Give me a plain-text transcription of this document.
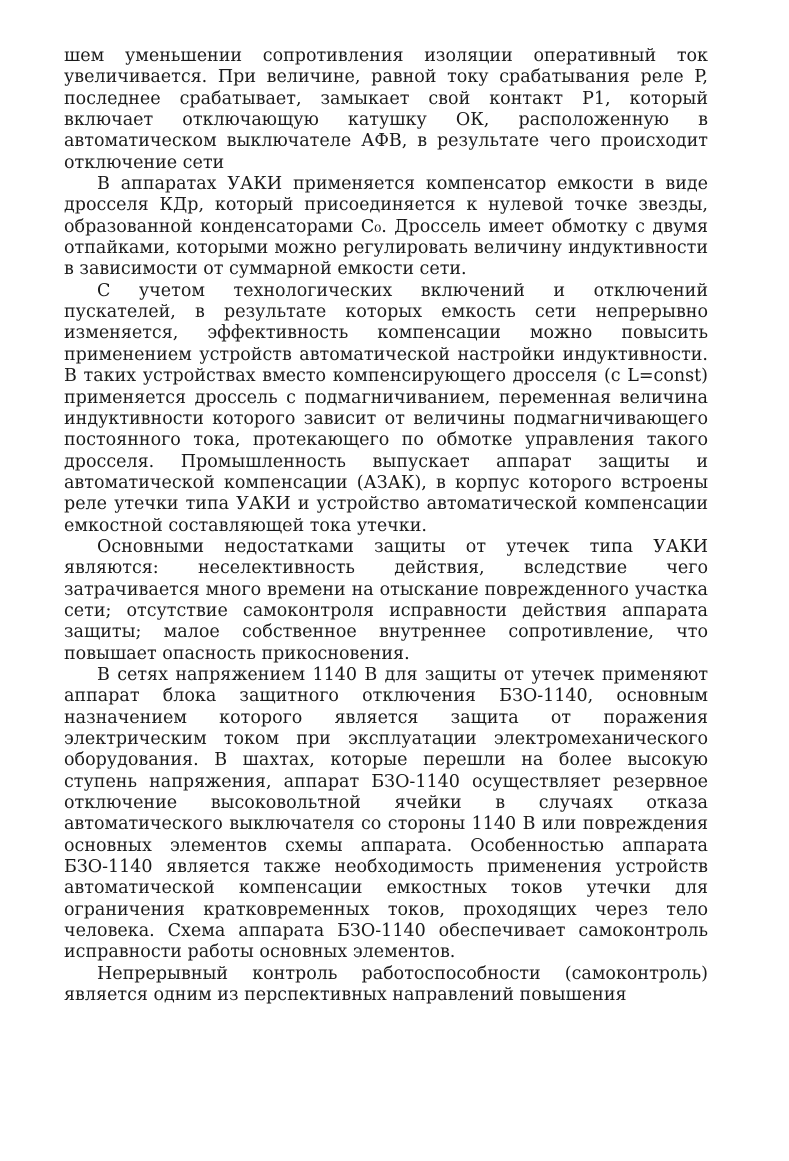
шем уменьшении сопротивления изоляции оперативный ток увеличивается. При величине, равной току срабатывания реле P, последнее срабатывает, замыкает свой контакт P1, который включает отключающую катушку ОК, расположенную в автоматическом выключателе АФВ, в результате чего происходит отключение сети

В аппаратах УАКИ применяется компенсатор емкости в виде дросселя КДр, который присоединяется к нулевой точке звезды, образованной конденсаторами C₀. Дроссель имеет обмотку с двумя отпайками, которыми можно регулировать величину индуктивности в зависимости от суммарной емкости сети.

С учетом технологических включений и отключений пускателей, в результате которых емкость сети непрерывно изменяется, эффективность компенсации можно повысить применением устройств автоматической настройки индуктивности. В таких устройствах вместо компенсирующего дросселя (с L=const) применяется дроссель с подмагничиванием, переменная величина индуктивности которого зависит от величины подмагничивающего постоянного тока, протекающего по обмотке управления такого дросселя. Промышленность выпускает аппарат защиты и автоматической компенсации (АЗАК), в корпус которого встроены реле утечки типа УАКИ и устройство автоматической компенсации емкостной составляющей тока утечки.

Основными недостатками защиты от утечек типа УАКИ являются: неселективность действия, вследствие чего затрачивается много времени на отыскание поврежденного участка сети; отсутствие самоконтроля исправности действия аппарата защиты; малое собственное внутреннее сопротивление, что повышает опасность прикосновения.

В сетях напряжением 1140 В для защиты от утечек применяют аппарат блока защитного отключения БЗО-1140, основным назначением которого является защита от поражения электрическим током при эксплуатации электромеханического оборудования. В шахтах, которые перешли на более высокую ступень напряжения, аппарат БЗО-1140 осуществляет резервное отключение высоковольтной ячейки в случаях отказа автоматического выключателя со стороны 1140 В или повреждения основных элементов схемы аппарата. Особенностью аппарата БЗО-1140 является также необходимость применения устройств автоматической компенсации емкостных токов утечки для ограничения кратковременных токов, проходящих через тело человека. Схема аппарата БЗО-1140 обеспечивает самоконтроль исправности работы основных элементов.

Непрерывный контроль работоспособности (самоконтроль) является одним из перспективных направлений повышения
